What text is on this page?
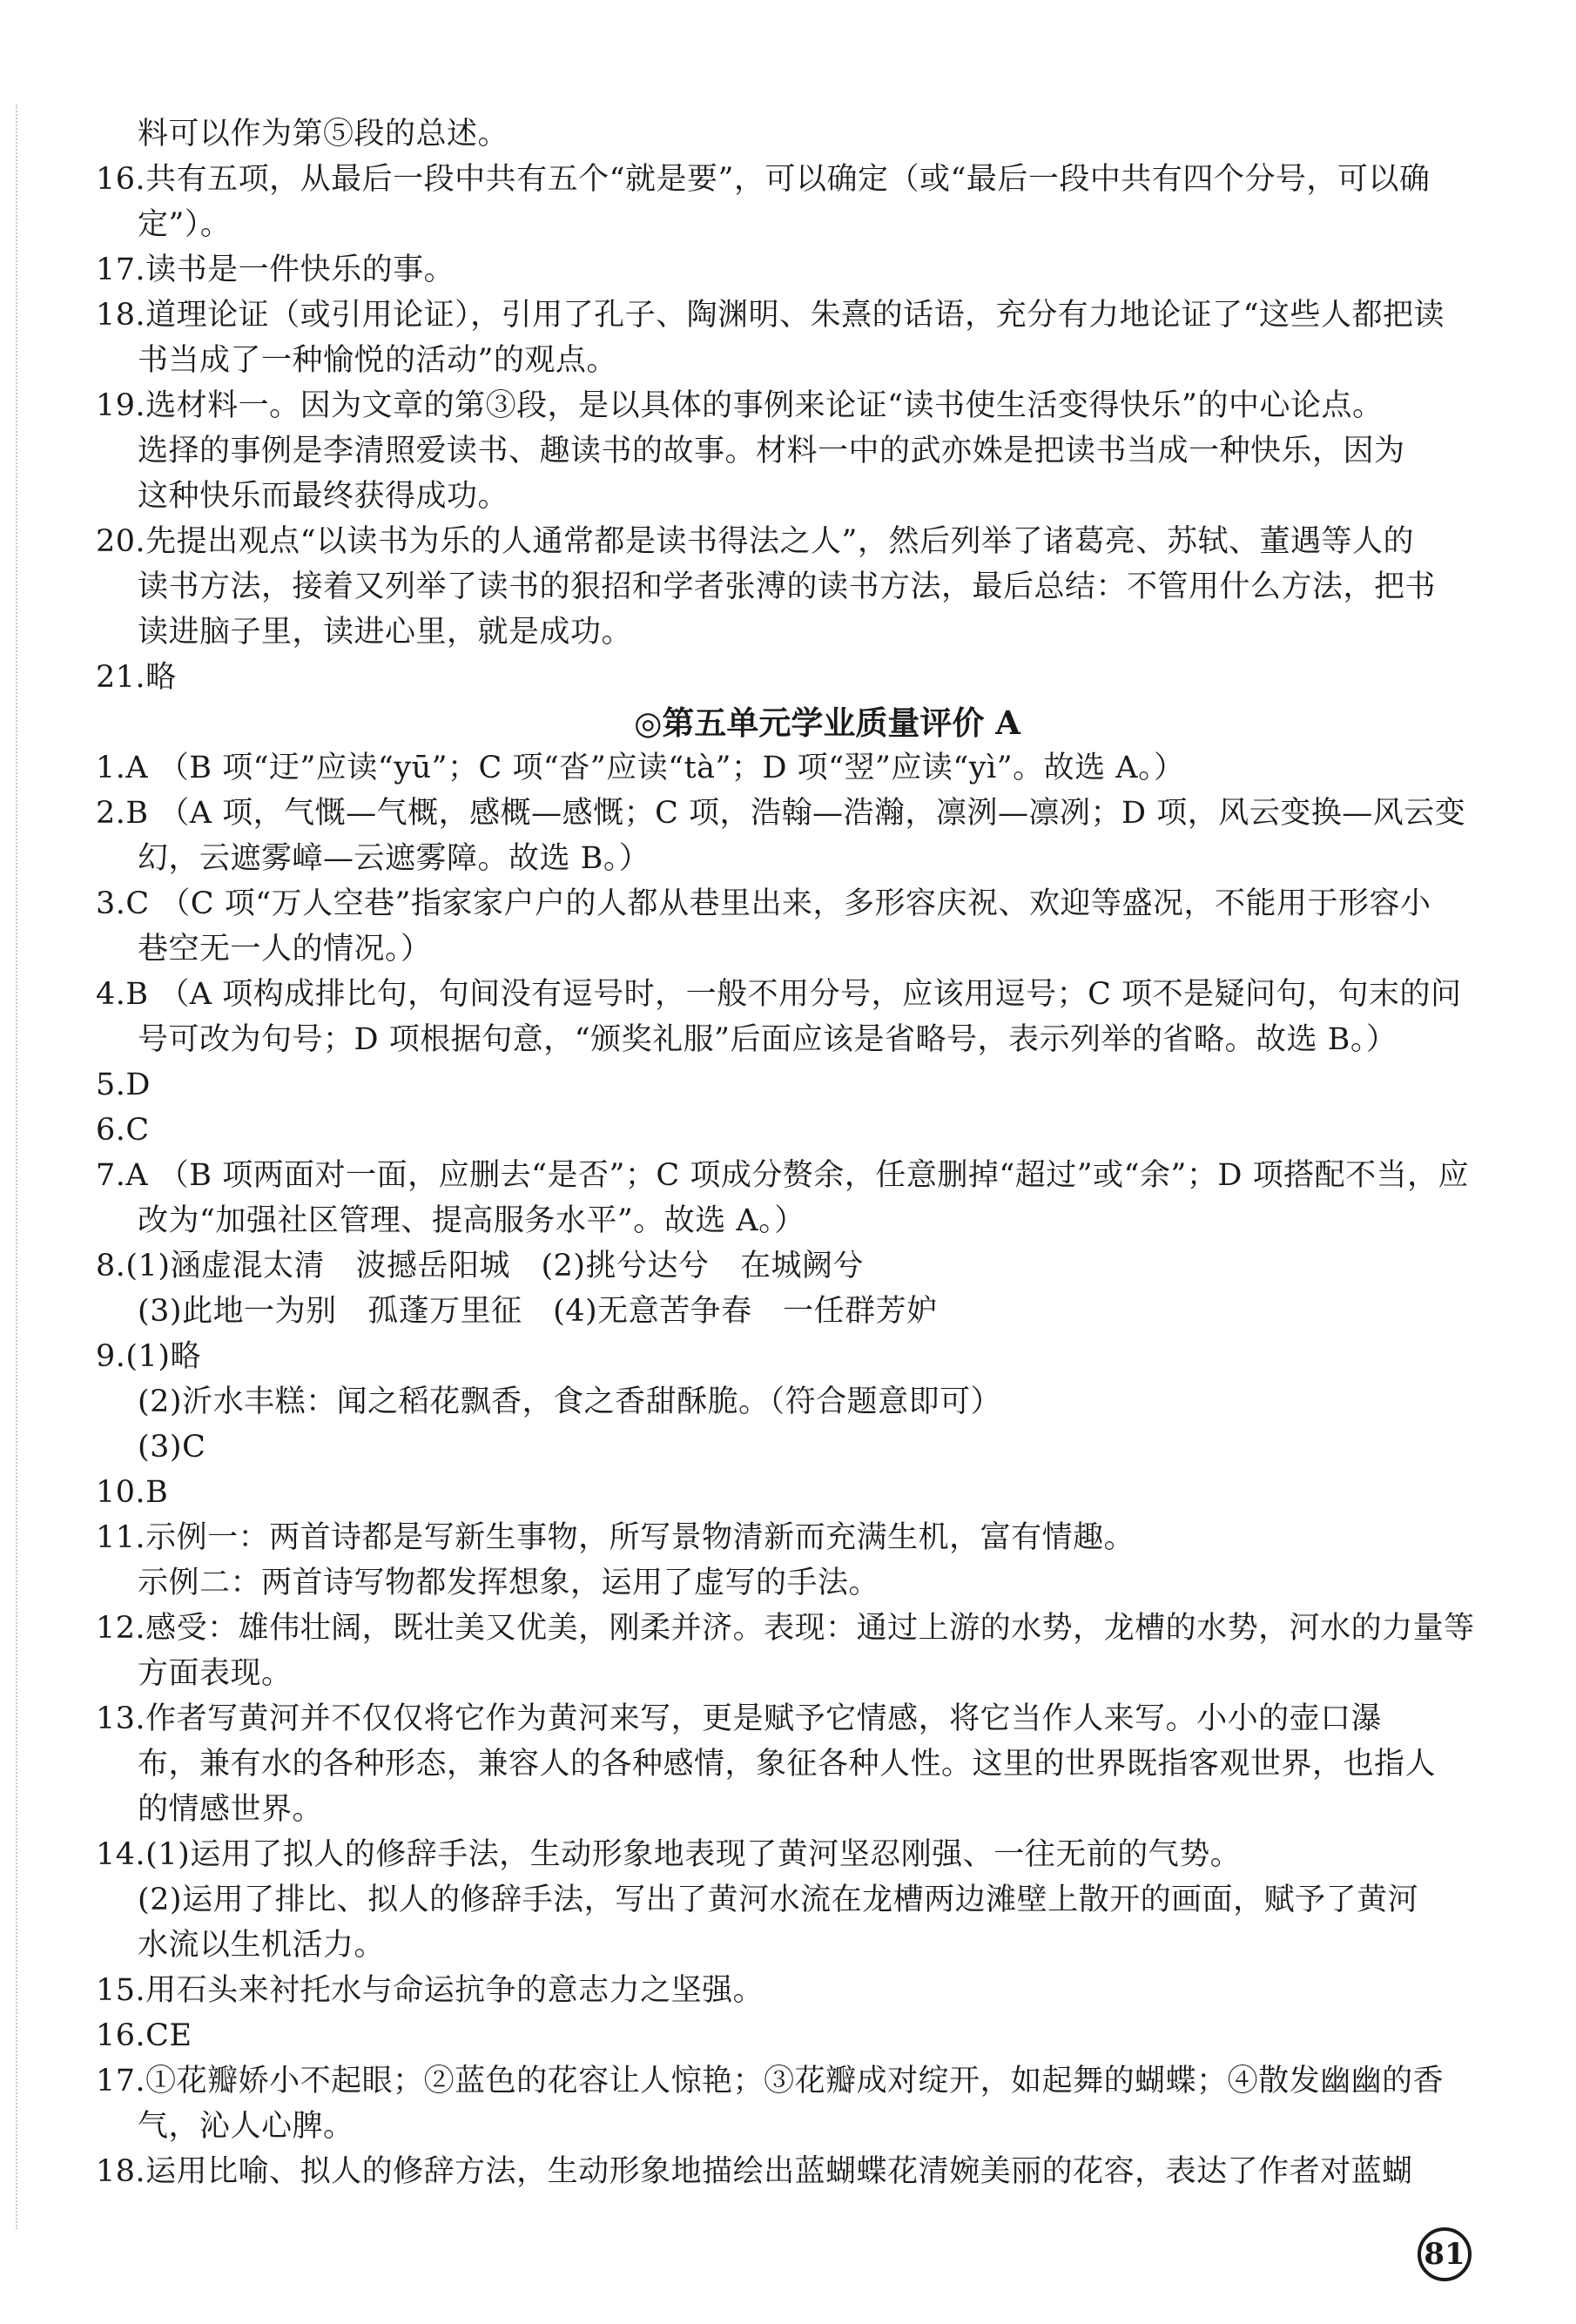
料可以作为第⑤段的总述。
16.共有五项，从最后一段中共有五个“就是要”，可以确定（或“最后一段中共有四个分号，可以确
定”）。
17.读书是一件快乐的事。
18.道理论证（或引用论证），引用了孔子、陶渊明、朱熹的话语，充分有力地论证了“这些人都把读
书当成了一种愉悦的活动”的观点。
19.选材料一。因为文章的第③段，是以具体的事例来论证“读书使生活变得快乐”的中心论点。
选择的事例是李清照爱读书、趣读书的故事。材料一中的武亦姝是把读书当成一种快乐，因为
这种快乐而最终获得成功。
20.先提出观点“以读书为乐的人通常都是读书得法之人”，然后列举了诸葛亮、苏轼、董遇等人的
读书方法，接着又列举了读书的狠招和学者张溥的读书方法，最后总结：不管用什么方法，把书
读进脑子里，读进心里，就是成功。
21.略
◎第五单元学业质量评价 A
1.A （B 项“迂”应读“yū”；C 项“沓”应读“tà”；D 项“翌”应读“yì”。故选 A。）
2.B （A 项，气慨—气概，感概—感慨；C 项，浩翰—浩瀚，凛洌—凛冽；D 项，风云变换—风云变
幻，云遮雾嶂—云遮雾障。故选 B。）
3.C （C 项“万人空巷”指家家户户的人都从巷里出来，多形容庆祝、欢迎等盛况，不能用于形容小
巷空无一人的情况。）
4.B （A 项构成排比句，句间没有逗号时，一般不用分号，应该用逗号；C 项不是疑问句，句末的问
号可改为句号；D 项根据句意，“颁奖礼服”后面应该是省略号，表示列举的省略。故选 B。）
5.D
6.C
7.A （B 项两面对一面，应删去“是否”；C 项成分赘余，任意删掉“超过”或“余”；D 项搭配不当，应
改为“加强社区管理、提高服务水平”。故选 A。）
8.(1)涵虚混太清　波撼岳阳城　(2)挑兮达兮　在城阙兮
(3)此地一为别　孤蓬万里征　(4)无意苦争春　一任群芳妒
9.(1)略
(2)沂水丰糕：闻之稻花飘香，食之香甜酥脆。（符合题意即可）
(3)C
10.B
11.示例一：两首诗都是写新生事物，所写景物清新而充满生机，富有情趣。
示例二：两首诗写物都发挥想象，运用了虚写的手法。
12.感受：雄伟壮阔，既壮美又优美，刚柔并济。表现：通过上游的水势，龙槽的水势，河水的力量等
方面表现。
13.作者写黄河并不仅仅将它作为黄河来写，更是赋予它情感，将它当作人来写。小小的壶口瀑
布，兼有水的各种形态，兼容人的各种感情，象征各种人性。这里的世界既指客观世界，也指人
的情感世界。
14.(1)运用了拟人的修辞手法，生动形象地表现了黄河坚忍刚强、一往无前的气势。
(2)运用了排比、拟人的修辞手法，写出了黄河水流在龙槽两边滩壁上散开的画面，赋予了黄河
水流以生机活力。
15.用石头来衬托水与命运抗争的意志力之坚强。
16.CE
17.①花瓣娇小不起眼；②蓝色的花容让人惊艳；③花瓣成对绽开，如起舞的蝴蝶；④散发幽幽的香
气，沁人心脾。
18.运用比喻、拟人的修辞方法，生动形象地描绘出蓝蝴蝶花清婉美丽的花容，表达了作者对蓝蝴
81
